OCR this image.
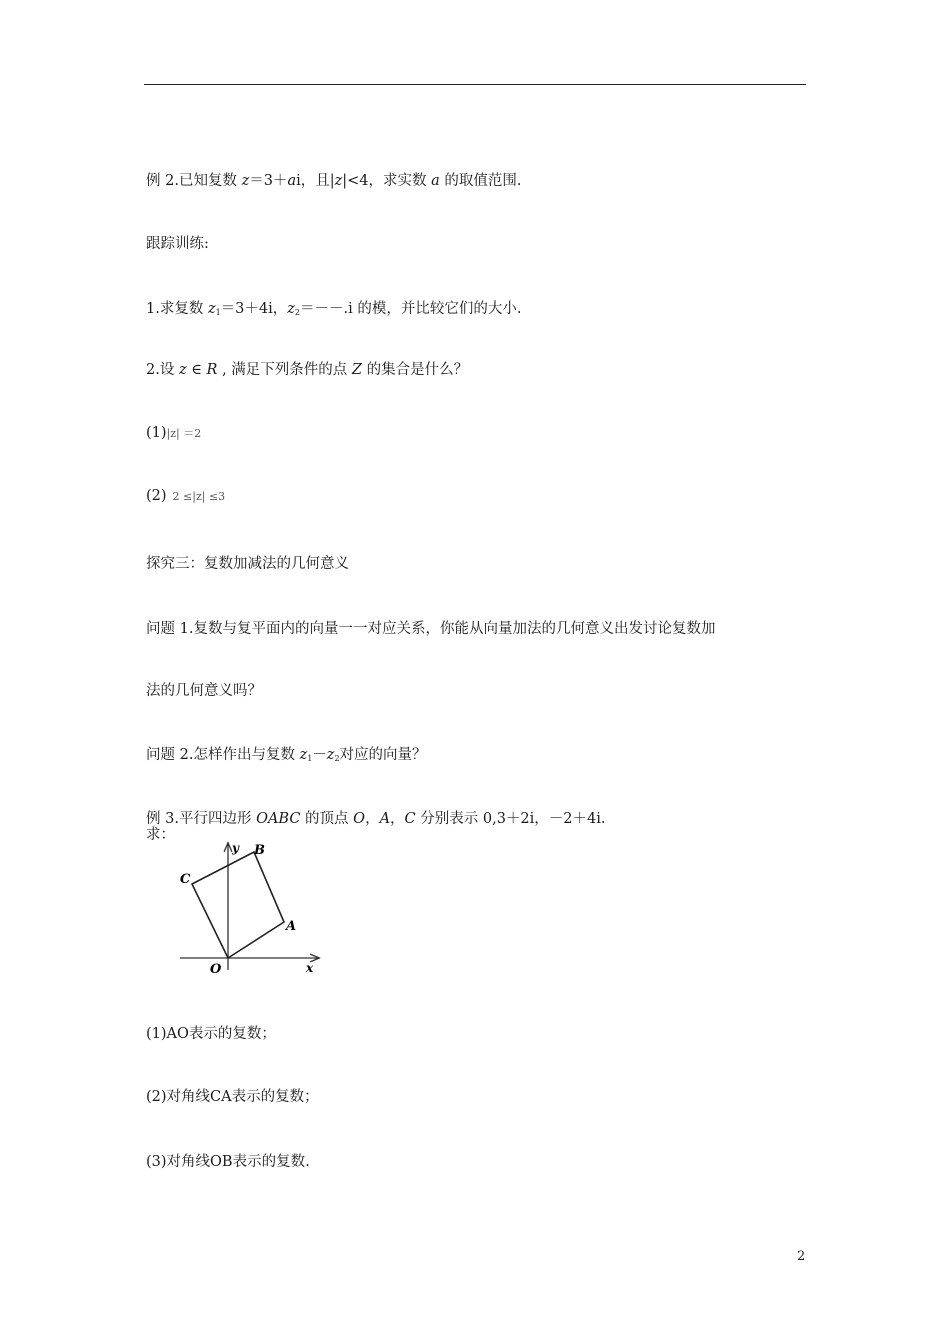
例 2.已知复数 z＝3＋ai，且|z|<4，求实数 a 的取值范围.
跟踪训练:
1.求复数 $z_1=3+4i$，$z_2=--.i$ 的模，并比较它们的大小.
2.设 z ∈ R , 满足下列条件的点 Z 的集合是什么？
(1)|z| ＝2
(2) 2 ≤|z| ≤3
探究三：复数加减法的几何意义
问题 1.复数与复平面内的向量一一对应关系，你能从向量加法的几何意义出发讨论复数加
法的几何意义吗？
问题 2.怎样作出与复数 $z_1-z_2$对应的向量？
例 3.平行四边形 OABC 的顶点 O，A，C 分别表示 0,3＋2i，－2＋4i.
求：
y B
C
A
O	x
(1)AO表示的复数；
(2)对角线CA表示的复数；
(3)对角线OB表示的复数.
2
